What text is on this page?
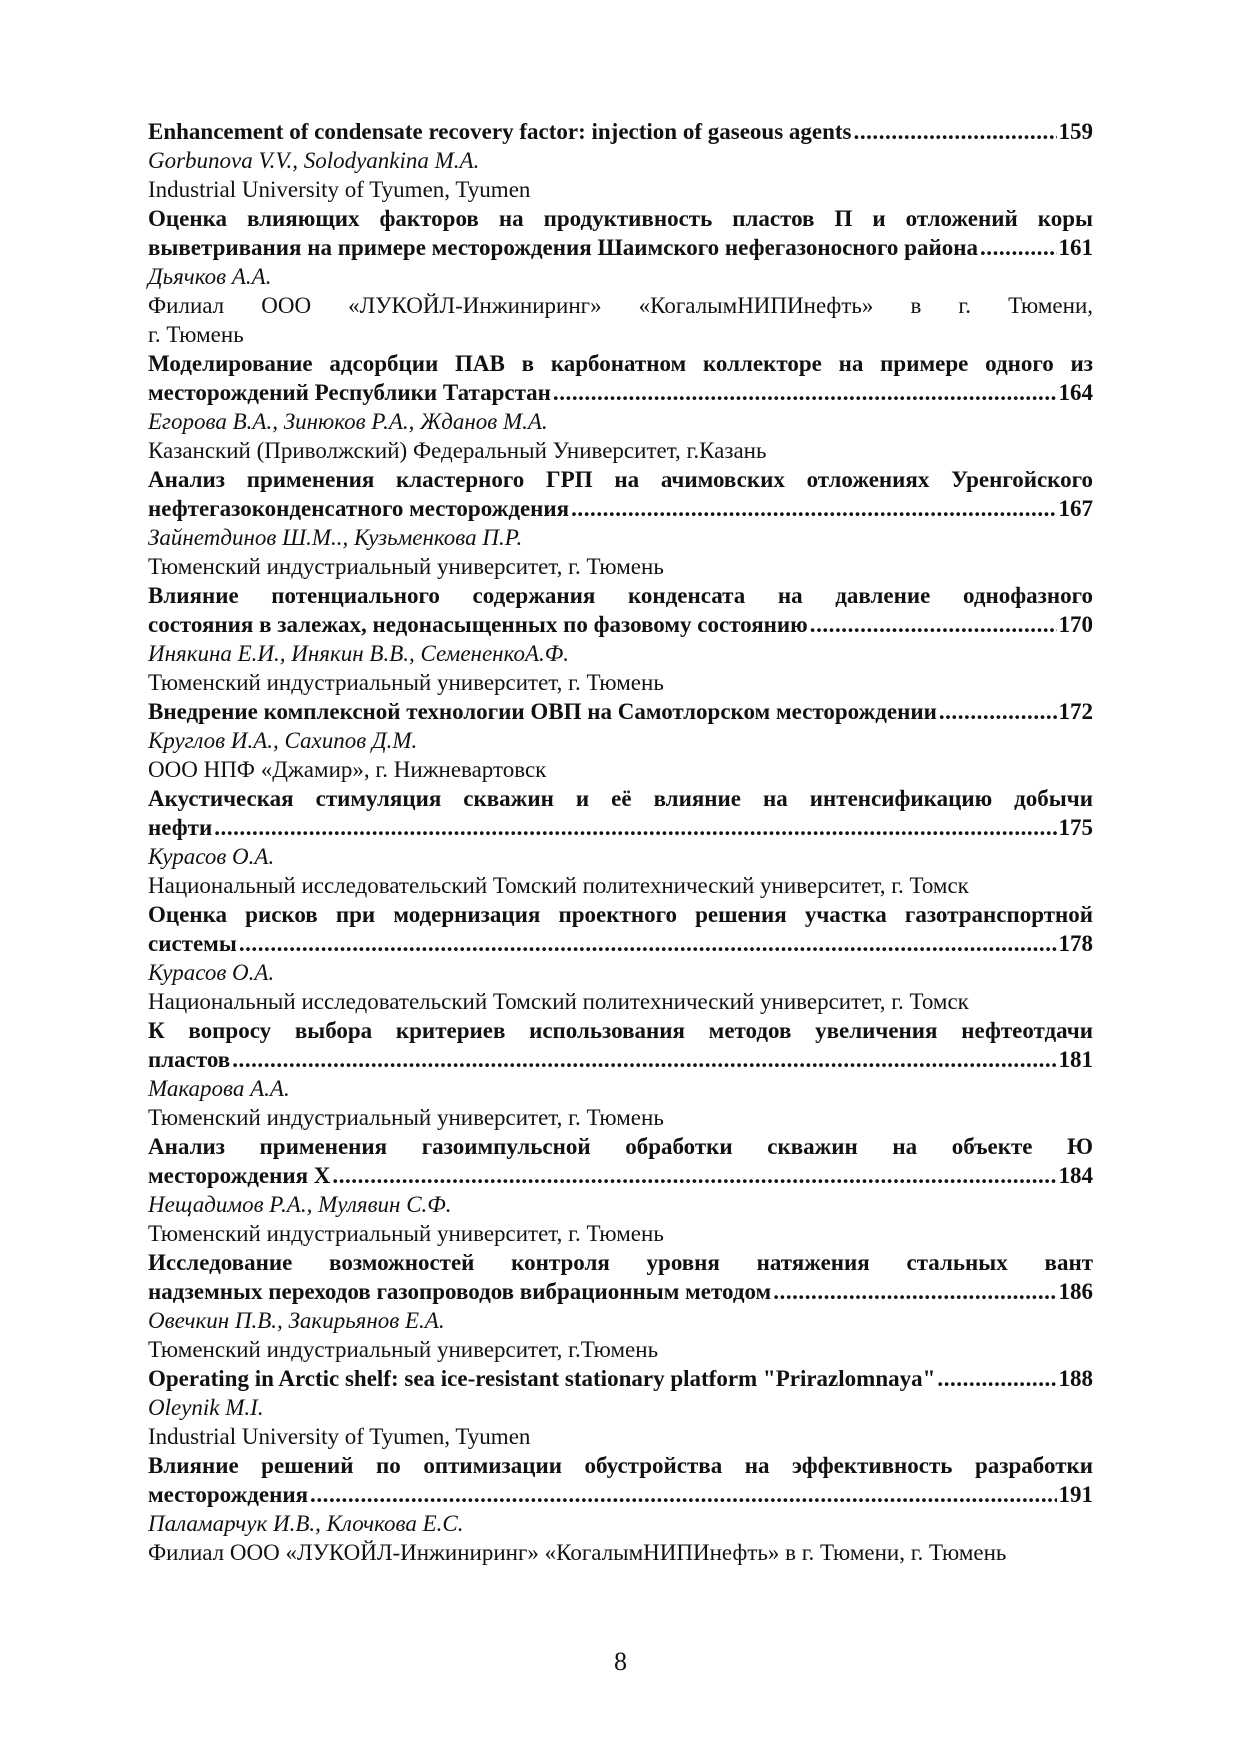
Enhancement of condensate recovery factor: injection of gaseous agents . . .	159
Gorbunova V.V., Solodyankina M.A.
Industrial University of Tyumen, Tyumen
Оценка влияющих факторов на продуктивность пластов П и отложений коры
выветривания на примере месторождения Шаимского нефегазоносного района . . .	161
Дьячков А.А.
Филиал ООО «ЛУКОЙЛ-Инжиниринг» «КогалымНИПИнефть» в г. Тюмени,
г. Тюмень
Моделирование адсорбции ПАВ в карбонатном коллекторе на примере одного из
месторождений Республики Татарстан . . .	164
Егорова В.А., Зинюков Р.А., Жданов М.А.
Казанский (Приволжский) Федеральный Университет, г.Казань
Анализ применения кластерного ГРП на ачимовских отложениях Уренгойского
нефтегазоконденсатного месторождения . . .	167
Зайнетдинов Ш.М.., Кузьменкова П.Р.
Тюменский индустриальный университет, г. Тюмень
Влияние потенциального содержания конденсата на давление однофазного
состояния в залежах, недонасыщенных по фазовому состоянию . . .	170
Инякина Е.И., Инякин В.В., СемененкоА.Ф.
Тюменский индустриальный университет, г. Тюмень
Внедрение комплексной технологии ОВП на Самотлорском месторождении . . .	172
Круглов И.А., Сахипов Д.М.
ООО НПФ «Джамир», г. Нижневартовск
Акустическая стимуляция скважин и её влияние на интенсификацию добычи
нефти . . .	175
Курасов О.А.
Национальный исследовательский Томский политехнический университет, г. Томск
Оценка рисков при модернизация проектного решения участка газотранспортной
системы . . .	178
Курасов О.А.
Национальный исследовательский Томский политехнический университет, г. Томск
К вопросу выбора критериев использования методов увеличения нефтеотдачи
пластов . . .	181
Макарова А.А.
Тюменский индустриальный университет, г. Тюмень
Анализ применения газоимпульсной обработки скважин на объекте Ю
месторождения Х . . .	184
Нещадимов Р.А., Мулявин С.Ф.
Тюменский индустриальный университет, г. Тюмень
Исследование возможностей контроля уровня натяжения стальных вант
надземных переходов газопроводов вибрационным методом . . .	186
Овечкин П.В., Закирьянов Е.А.
Тюменский индустриальный университет, г.Тюмень
Operating in Arctic shelf: sea ice-resistant stationary platform "Prirazlomnaya" . . .	188
Oleynik M.I.
Industrial University of Tyumen, Tyumen
Влияние решений по оптимизации обустройства на эффективность разработки
месторождения . . .	191
Паламарчук И.В., Клочкова Е.С.
Филиал ООО «ЛУКОЙЛ-Инжиниринг» «КогалымНИПИнефть» в г. Тюмени, г. Тюмень
8
